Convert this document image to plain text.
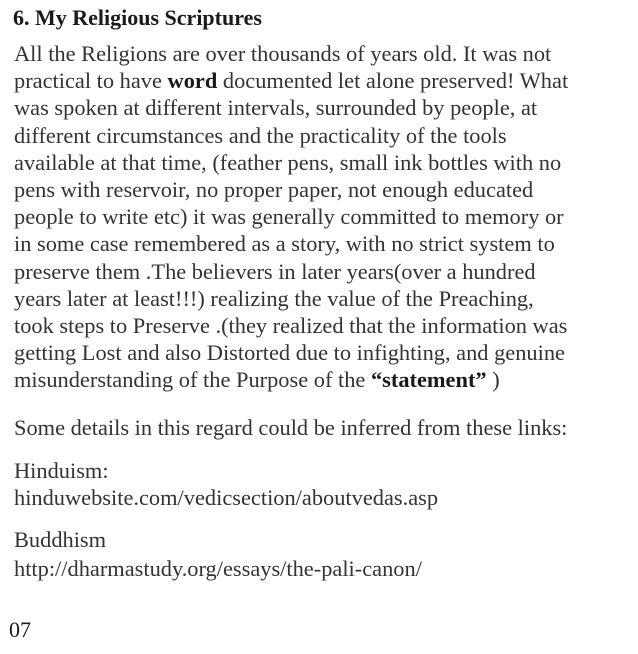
6. My Religious Scriptures
All the Religions are over thousands of years old. It was not
practical to have word documented let alone preserved! What
was spoken at different intervals, surrounded by people, at
different circumstances and the practicality of the tools
available at that time, (feather pens, small ink bottles with no
pens with reservoir, no proper paper, not enough educated
people to write etc) it was generally committed to memory or
in some case remembered as a story, with no strict system to
preserve them .The believers in later years(over a hundred
years later at least!!!) realizing the value of the Preaching,
took steps to Preserve .(they realized that the information was
getting Lost and also Distorted due to infighting, and genuine
misunderstanding of the Purpose of the “statement” )
Some details in this regard could be inferred from these links:
Hinduism:
hinduwebsite.com/vedicsection/aboutvedas.asp
Buddhism
http://dharmastudy.org/essays/the-pali-canon/
07
